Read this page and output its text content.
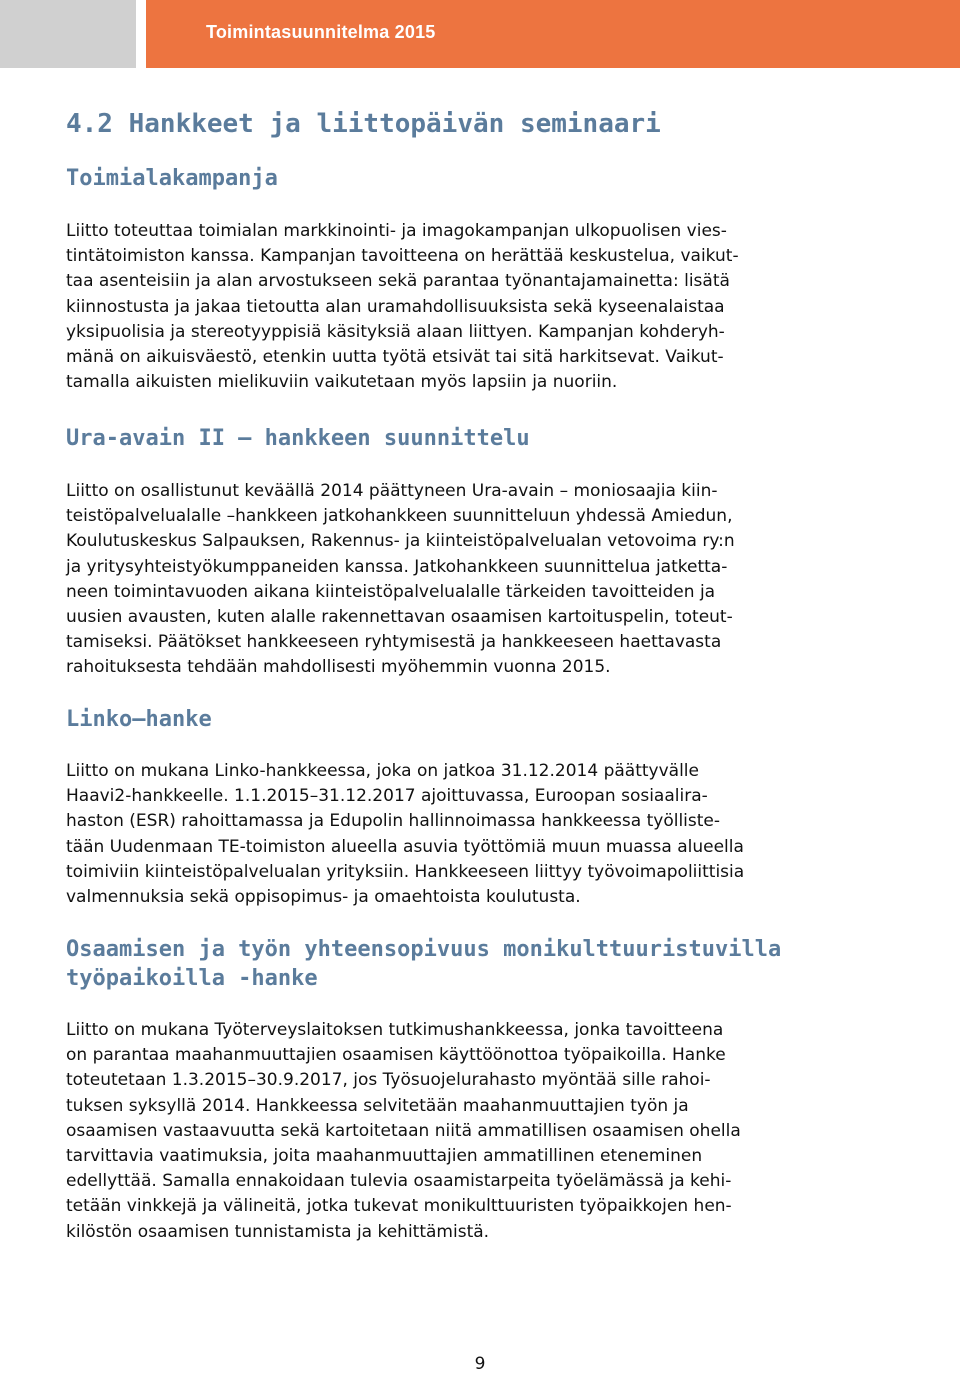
Toimintasuunnitelma 2015
4.2 Hankkeet ja liittopäivän seminaari
Toimialakampanja
Liitto toteuttaa toimialan markkinointi- ja imagokampanjan ulkopuolisen vies-
tintätoimiston kanssa. Kampanjan tavoitteena on herättää keskustelua, vaikut-
taa asenteisiin ja alan arvostukseen sekä parantaa työnantajamainetta: lisätä
kiinnostusta ja jakaa tietoutta alan uramahdollisuuksista sekä kyseenalaistaa
yksipuolisia ja stereotyyppisiä käsityksiä alaan liittyen. Kampanjan kohderyh-
mänä on aikuisväestö, etenkin uutta työtä etsivät tai sitä harkitsevat. Vaikut-
tamalla aikuisten mielikuviin vaikutetaan myös lapsiin ja nuoriin.
Ura-avain II – hankkeen suunnittelu
Liitto on osallistunut keväällä 2014 päättyneen Ura-avain – moniosaajia kiin-
teistöpalvelualalle –hankkeen jatkohankkeen suunnitteluun yhdessä Amiedun,
Koulutuskeskus Salpauksen, Rakennus- ja kiinteistöpalvelualan vetovoima ry:n
ja yritysyhteistyökumppaneiden kanssa. Jatkohankkeen suunnittelua jatketta-
neen toimintavuoden aikana kiinteistöpalvelualalle tärkeiden tavoitteiden ja
uusien avausten, kuten alalle rakennettavan osaamisen kartoituspelin, toteut-
tamiseksi. Päätökset hankkeeseen ryhtymisestä ja hankkeeseen haettavasta
rahoituksesta tehdään mahdollisesti myöhemmin vuonna 2015.
Linko–hanke
Liitto on mukana Linko-hankkeessa, joka on jatkoa 31.12.2014 päättyvälle
Haavi2-hankkeelle. 1.1.2015–31.12.2017 ajoittuvassa, Euroopan sosiaalira-
haston (ESR) rahoittamassa ja Edupolin hallinnoimassa hankkeessa työlliste-
tään Uudenmaan TE-toimiston alueella asuvia työttömiä muun muassa alueella
toimiviin kiinteistöpalvelualan yrityksiin. Hankkeeseen liittyy työvoimapoliittisia
valmennuksia sekä oppisopimus- ja omaehtoista koulutusta.
Osaamisen ja työn yhteensopivuus monikulttuuristuvilla
työpaikoilla -hanke
Liitto on mukana Työterveyslaitoksen tutkimushankkeessa, jonka tavoitteena
on parantaa maahanmuuttajien osaamisen käyttöönottoa työpaikoilla. Hanke
toteutetaan 1.3.2015–30.9.2017, jos Työsuojelurahasto myöntää sille rahoi-
tuksen syksyllä 2014. Hankkeessa selvitetään maahanmuuttajien työn ja
osaamisen vastaavuutta sekä kartoitetaan niitä ammatillisen osaamisen ohella
tarvittavia vaatimuksia, joita maahanmuuttajien ammatillinen eteneminen
edellyttää. Samalla ennakoidaan tulevia osaamistarpeita työelämässä ja kehi-
tetään vinkkejä ja välineitä, jotka tukevat monikulttuuristen työpaikkojen hen-
kilöstön osaamisen tunnistamista ja kehittämistä.
9
